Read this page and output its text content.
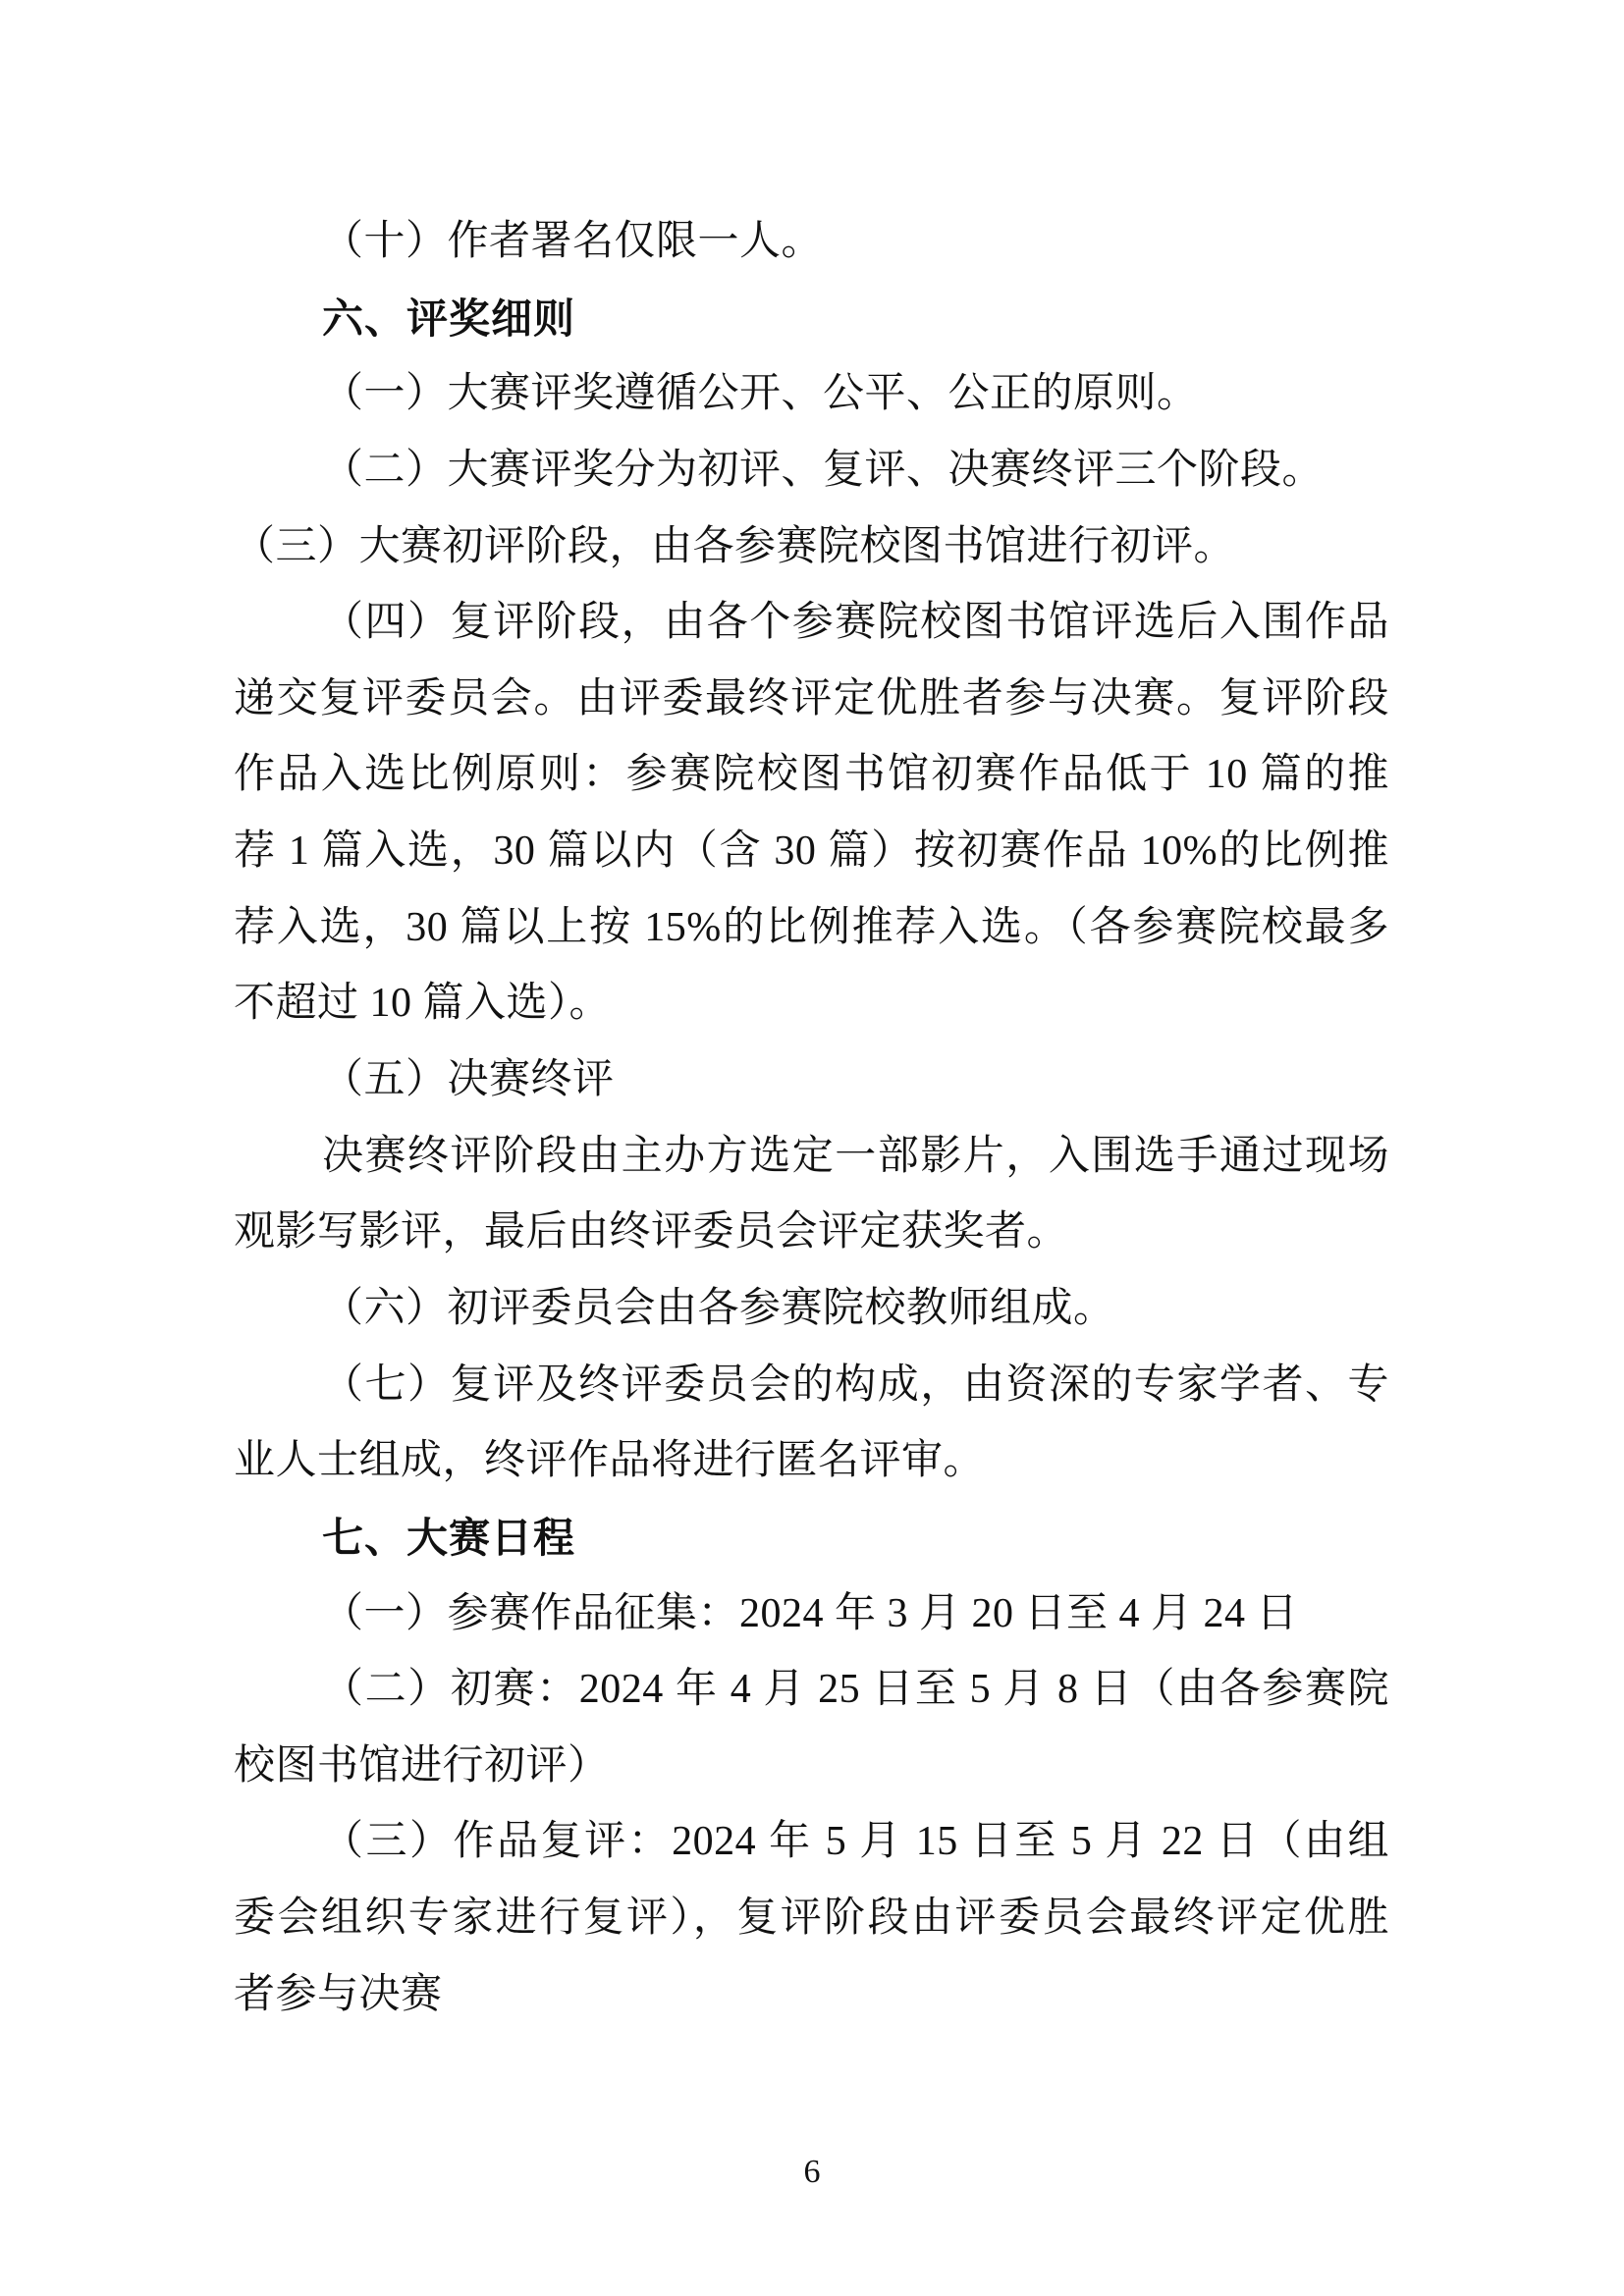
（十）作者署名仅限一人。
六、评奖细则
（一）大赛评奖遵循公开、公平、公正的原则。
（二）大赛评奖分为初评、复评、决赛终评三个阶段。
（三）大赛初评阶段，由各参赛院校图书馆进行初评。
（四）复评阶段，由各个参赛院校图书馆评选后入围作品
递交复评委员会。由评委最终评定优胜者参与决赛。复评阶段
作品入选比例原则：参赛院校图书馆初赛作品低于 10 篇的推
荐 1 篇入选，30 篇以内（含 30 篇）按初赛作品 10%的比例推
荐入选，30 篇以上按 15%的比例推荐入选。（各参赛院校最多
不超过 10 篇入选）。
（五）决赛终评
决赛终评阶段由主办方选定一部影片，入围选手通过现场
观影写影评，最后由终评委员会评定获奖者。
（六）初评委员会由各参赛院校教师组成。
（七）复评及终评委员会的构成，由资深的专家学者、专
业人士组成，终评作品将进行匿名评审。
七、大赛日程
（一）参赛作品征集：2024 年 3 月 20 日至 4 月 24 日
（二）初赛：2024 年 4 月 25 日至 5 月 8 日（由各参赛院
校图书馆进行初评）
（三）作品复评：2024 年 5 月 15 日至 5 月 22 日（由组
委会组织专家进行复评），复评阶段由评委员会最终评定优胜
者参与决赛
6
